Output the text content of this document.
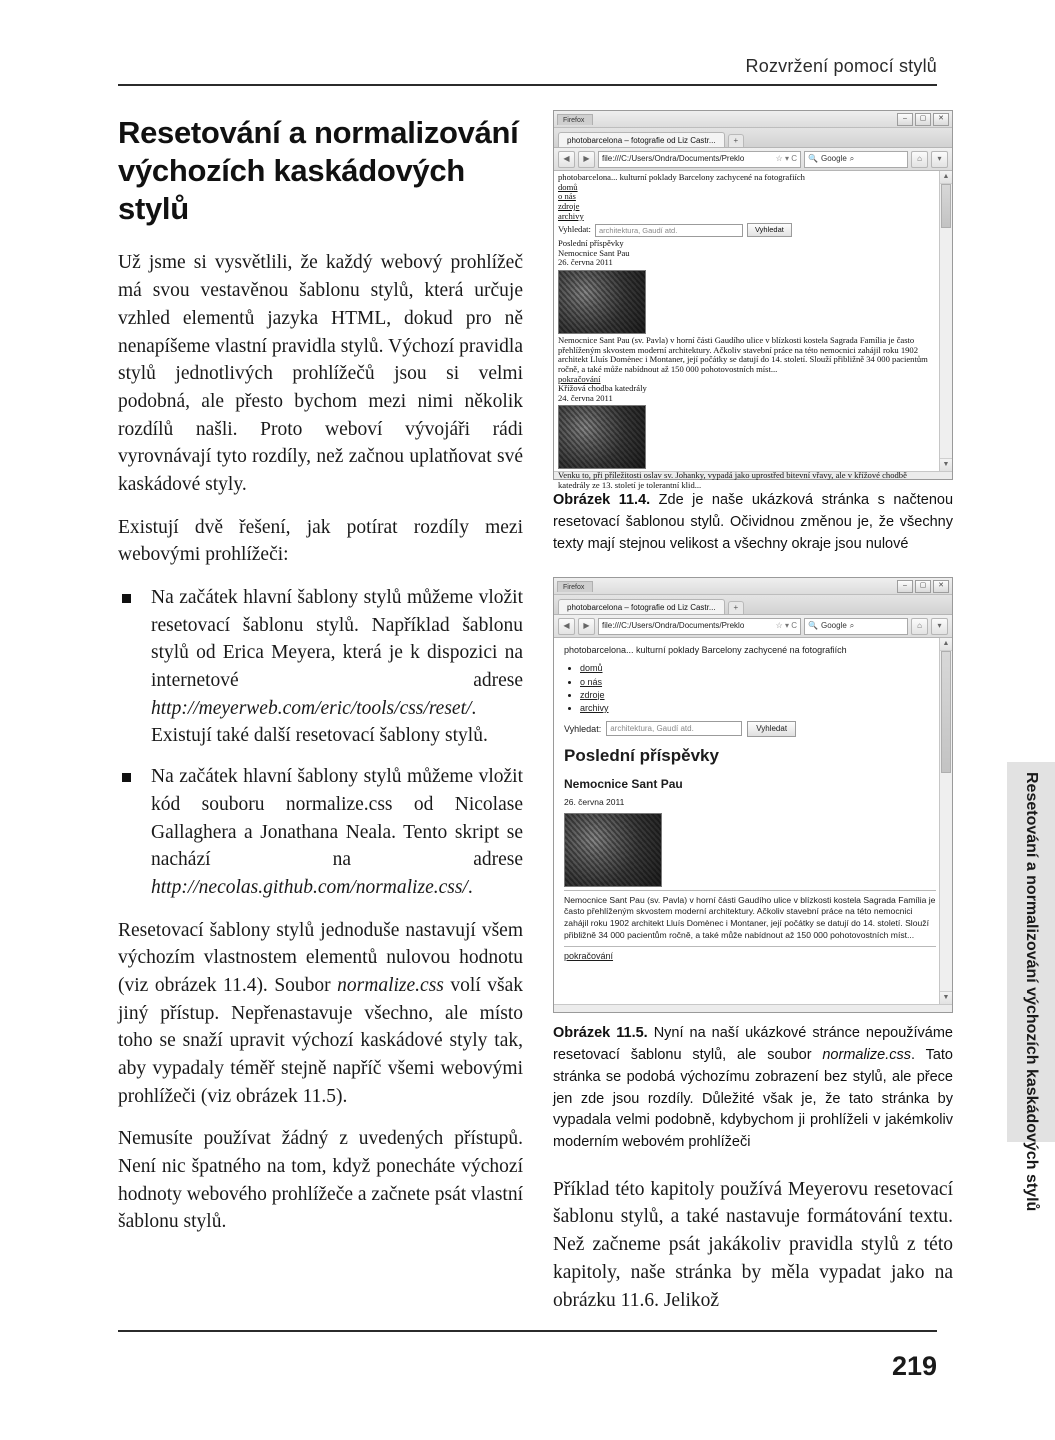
Rozvržení pomocí stylů
219
Resetování a normalizování výchozích kaskádových stylů
Resetování a normalizování výchozích kaskádových stylů

Už jsme si vysvětlili, že každý webový prohlížeč má svou vestavěnou šablonu stylů, která určuje vzhled elementů jazyka HTML, dokud pro ně nenapíšeme vlastní pravidla stylů. Výchozí pravidla stylů jednotlivých prohlížečů jsou si velmi podobná, ale přesto bychom mezi nimi několik rozdílů našli. Proto weboví vývojáři rádi vyrovnávají tyto rozdíly, než začnou uplatňovat své kaskádové styly.

Existují dvě řešení, jak potírat rozdíly mezi webovými prohlížeči:

Na začátek hlavní šablony stylů můžeme vložit resetovací šablonu stylů. Například šablonu stylů od Erica Meyera, která je k dispozici na internetové adrese http://meyerweb.com/eric/tools/css/reset/. Existují také další resetovací šablony stylů.
Na začátek hlavní šablony stylů můžeme vložit kód souboru normalize.css od Nicolase Gallaghera a Jonathana Neala. Tento skript se nachází na adrese http://necolas.github.com/normalize.css/.

Resetovací šablony stylů jednoduše nastavují všem výchozím vlastnostem elementů nulovou hodnotu (viz obrázek 11.4). Soubor normalize.css volí však jiný přístup. Nepřenastavuje všechno, ale místo toho se snaží upravit výchozí kaskádové styly tak, aby vypadaly téměř stejně napříč všemi webovými prohlížeči (viz obrázek 11.5).

Nemusíte používat žádný z uvedených přístupů. Není nic špatného na tom, když ponecháte výchozí hodnoty webového prohlížeče a začnete psát vlastní šablonu stylů.

Firefox	–	▢	✕
photobarcelona – fotografie od Liz Castr...	+
◀	▶	file:///C:/Users/Ondra/Documents/Preklo	☆ ▾ C 🔍 Google ⌕	⌂	▾
photobarcelona... kulturní poklady Barcelony zachycené na fotografiích
domů
o nás
zdroje
archivy
Vyhledat:	architektura, Gaudí atd.	Vyhledat
Poslední příspěvky
Nemocnice Sant Pau
26. června 2011
Nemocnice Sant Pau (sv. Pavla) v horní části Gaudího ulice v blízkosti kostela Sagrada Família je často přehlíženým skvostem moderní architektury. Ačkoliv stavební práce na této nemocnici zahájil roku 1902 architekt Lluís Domènec i Montaner, její počátky se datují do 14. století. Slouží přibližně 34 000 pacientům ročně, a také může nabídnout až 150 000 pohotovostních míst...
pokračování
Křížová chodba katedrály
24. června 2011
Venku to, při příležitosti oslav sv. Johanky, vypadá jako uprostřed bitevní vřavy, ale v křížové chodbě katedrály ze 13. století je tolerantní klid...
▲
▼
Obrázek 11.4. Zde je naše ukázková stránka s načtenou resetovací šablonou stylů. Očividnou změnou je, že všechny texty mají stejnou velikost a všechny okraje jsou nulové
Firefox	–	▢	✕
photobarcelona – fotografie od Liz Castr...	+
◀	▶	file:///C:/Users/Ondra/Documents/Preklo	☆ ▾ C 🔍 Google ⌕	⌂	▾
photobarcelona... kulturní poklady Barcelony zachycené na fotografiích
• domů
• o nás
• zdroje
• archivy
Vyhledat:	architektura, Gaudí atd.	Vyhledat
Poslední příspěvky
Nemocnice Sant Pau
26. června 2011

Nemocnice Sant Pau (sv. Pavla) v horní části Gaudího ulice v blízkosti kostela Sagrada Família je často přehlíženým skvostem moderní architektury. Ačkoliv stavební práce na této nemocnici zahájil roku 1902 architekt Lluís Domènec i Montaner, její počátky se datují do 14. století. Slouží přibližně 34 000 pacientům ročně, a také může nabídnout až 150 000 pohotovostních míst...

pokračování
▲
▼
Obrázek 11.5. Nyní na naší ukázkové stránce nepoužíváme resetovací šablonu stylů, ale soubor normalize.css. Tato stránka se podobá výchozímu zobrazení bez stylů, ale přece jen zde jsou rozdíly. Důležité však je, že tato stránka by vypadala velmi podobně, kdybychom ji prohlíželi v jakémkoliv moderním webovém prohlížeči

Příklad této kapitoly používá Meyerovu resetovací šablonu stylů, a také nastavuje formátování textu. Než začneme psát jakákoliv pravidla stylů z této kapitoly, naše stránka by měla vypadat jako na obrázku 11.6. Jelikož
